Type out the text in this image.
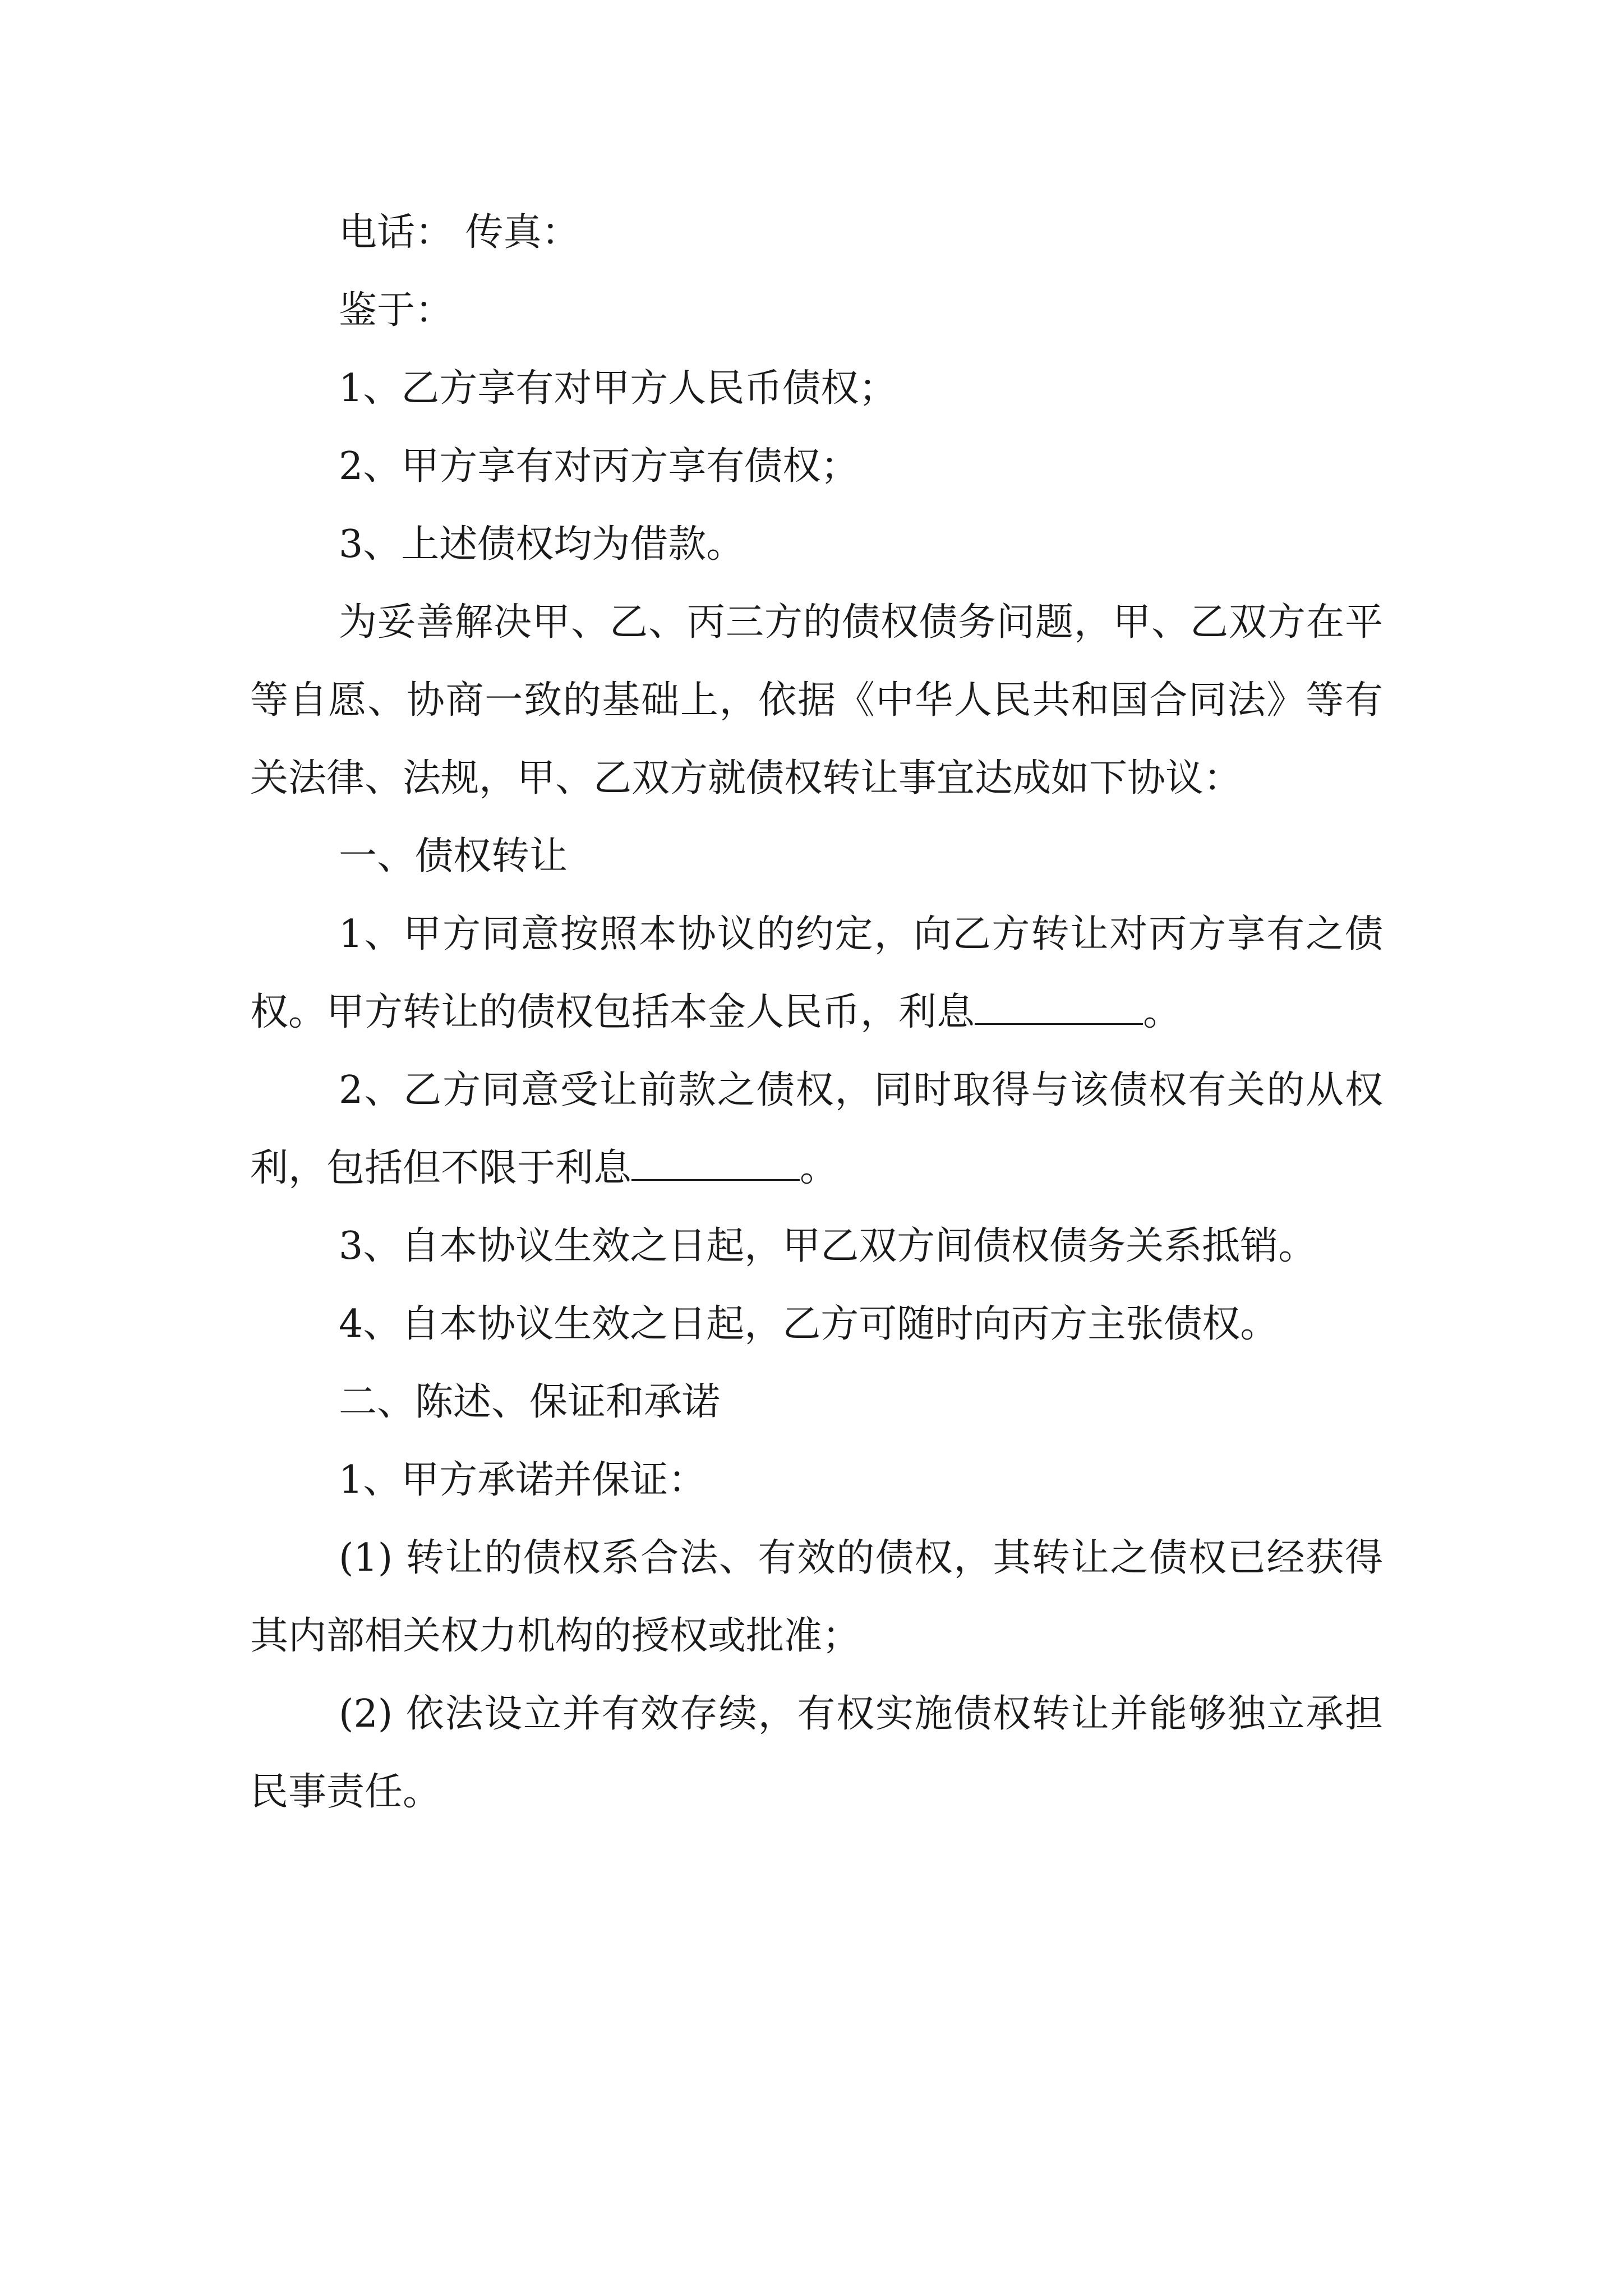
电话： 传真：

鉴于：

1、乙方享有对甲方人民币债权；

2、甲方享有对丙方享有债权；

3、上述债权均为借款。

为妥善解决甲、乙、丙三方的债权债务问题，甲、乙双方在平等自愿、协商一致的基础上，依据《中华人民共和国合同法》等有关法律、法规，甲、乙双方就债权转让事宜达成如下协议：

一、债权转让

1、甲方同意按照本协议的约定，向乙方转让对丙方享有之债权。甲方转让的债权包括本金人民币，利息	。

2、乙方同意受让前款之债权，同时取得与该债权有关的从权利，包括但不限于利息	。

3、自本协议生效之日起，甲乙双方间债权债务关系抵销。

4、自本协议生效之日起，乙方可随时向丙方主张债权。

二、陈述、保证和承诺

1、甲方承诺并保证：

(1) 转让的债权系合法、有效的债权，其转让之债权已经获得其内部相关权力机构的授权或批准；

(2) 依法设立并有效存续，有权实施债权转让并能够独立承担民事责任。
